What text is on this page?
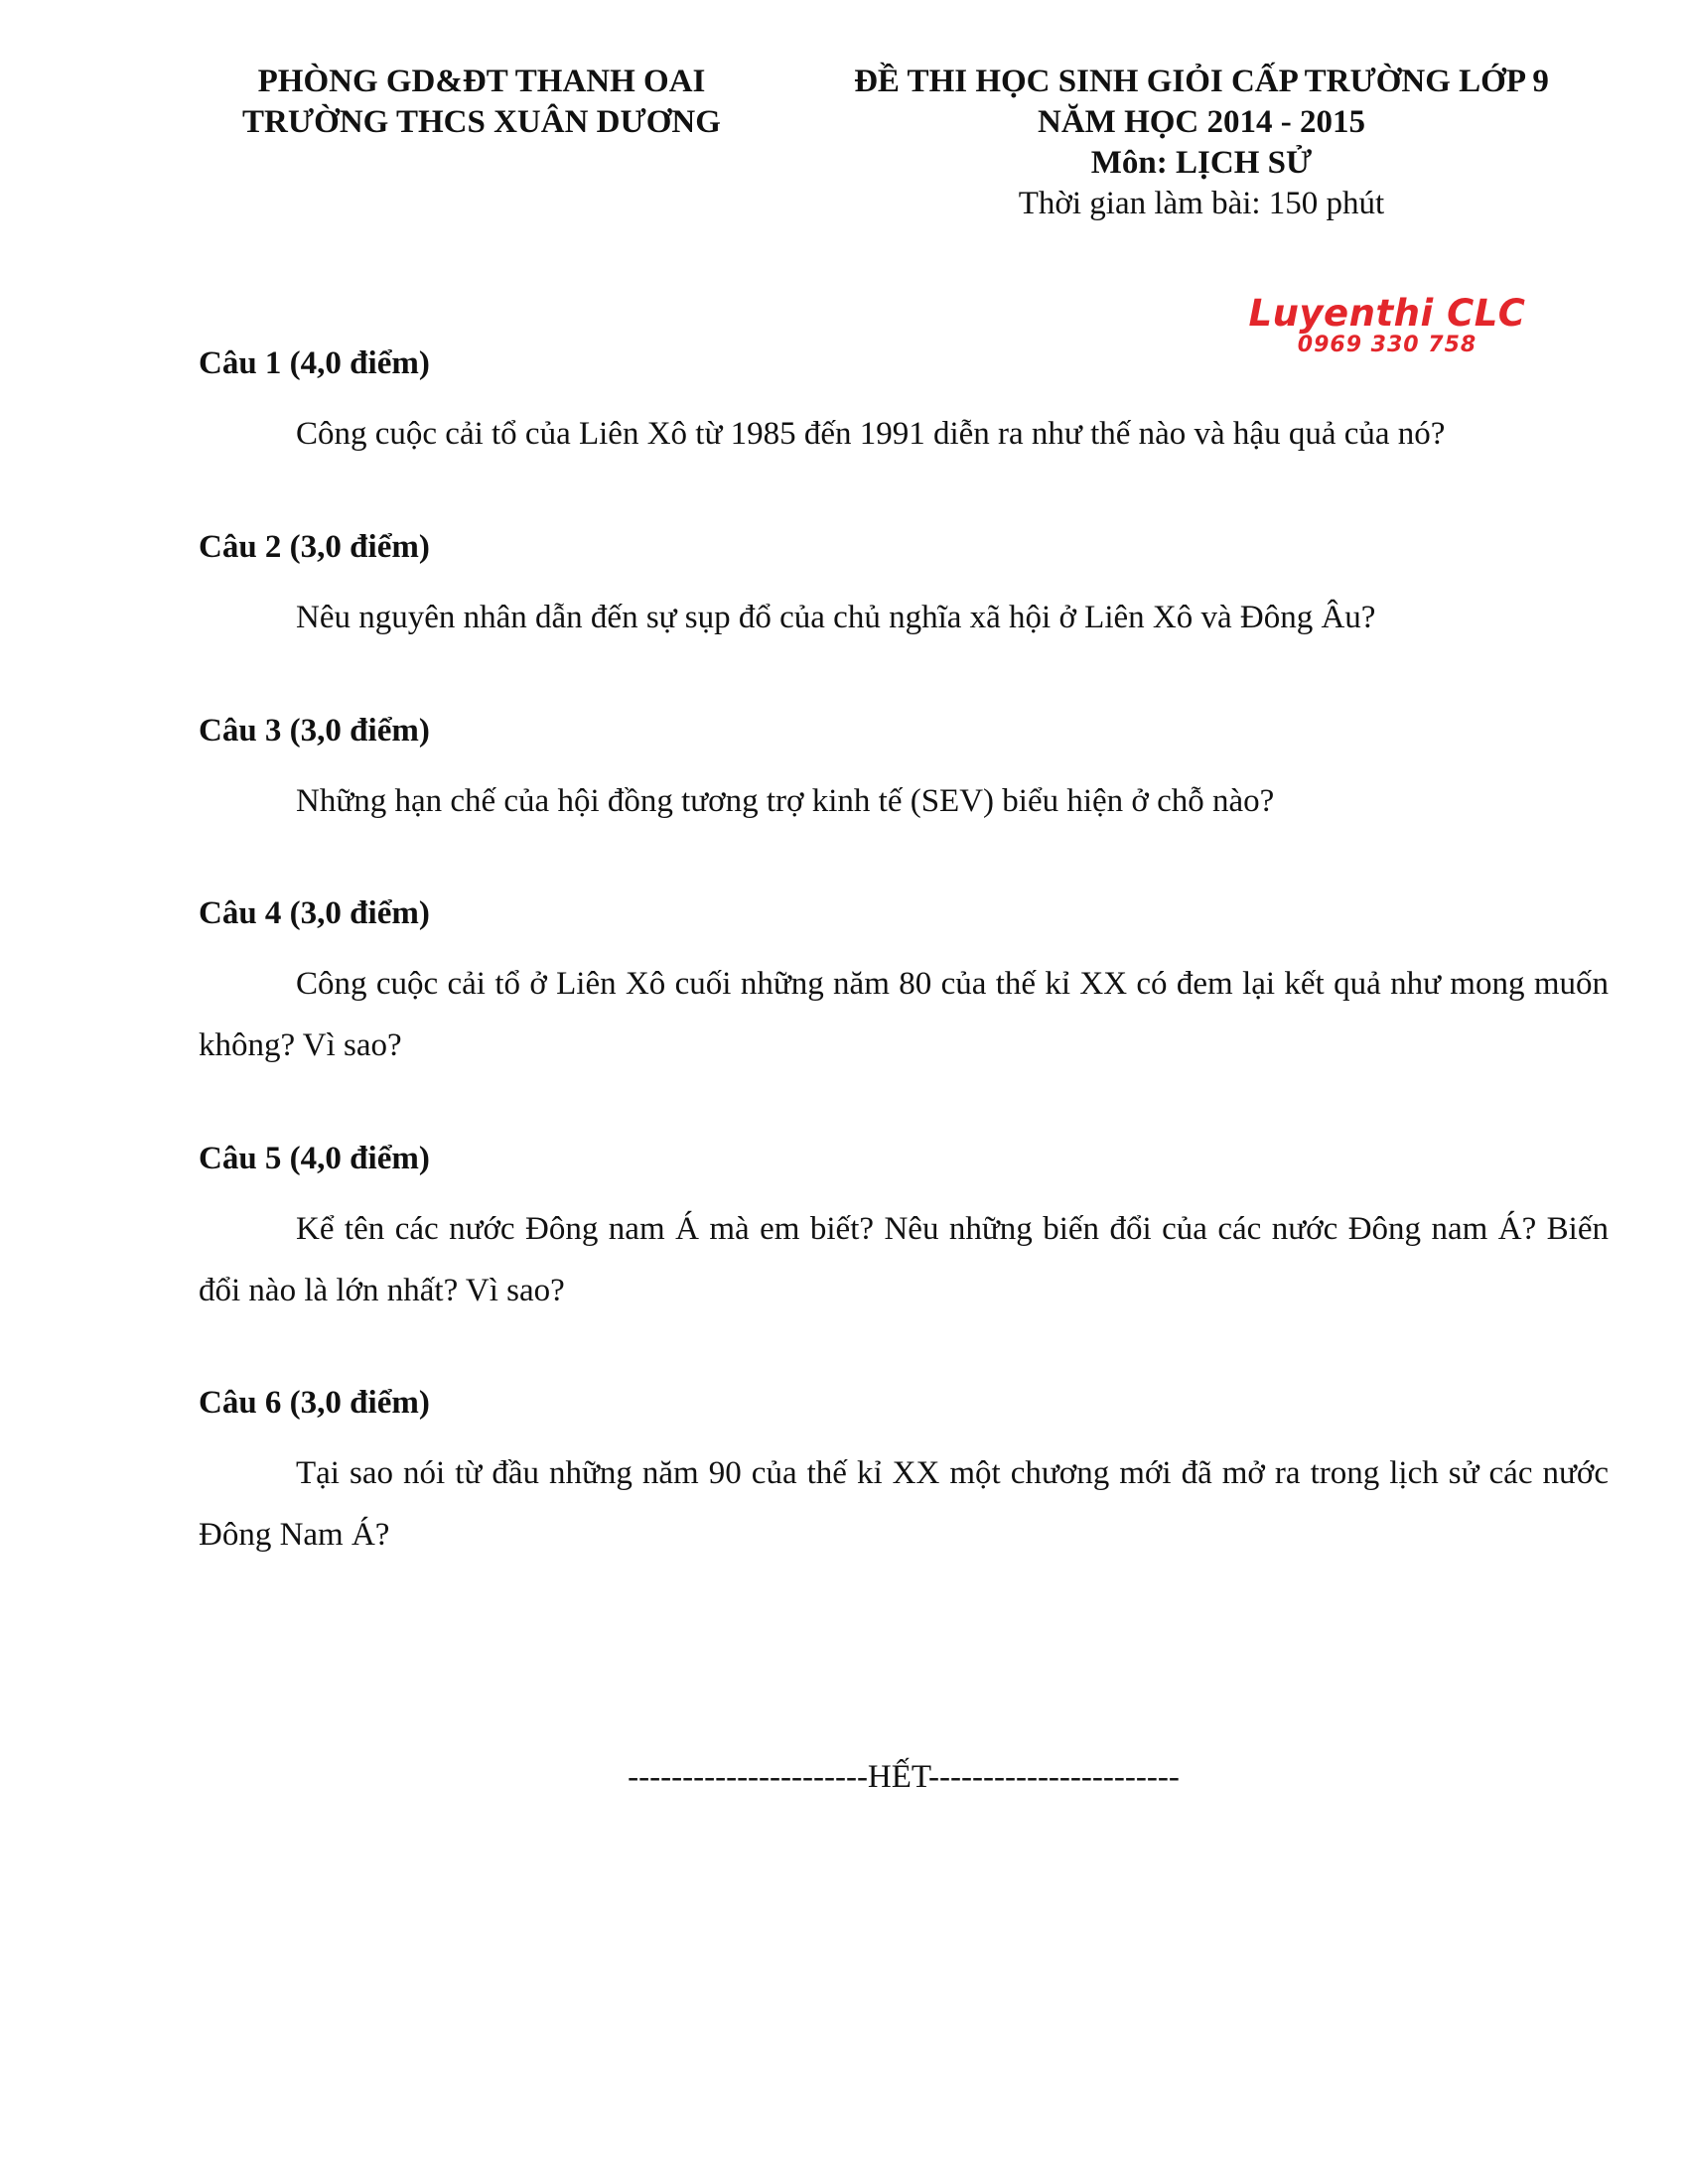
PHÒNG GD&ĐT THANH OAI
TRƯỜNG THCS XUÂN DƯƠNG
ĐỀ THI HỌC SINH GIỎI CẤP TRƯỜNG LỚP 9
NĂM HỌC 2014 - 2015
Môn: LỊCH SỬ
Thời gian làm bài: 150 phút
Luyenthi CLC
0969 330 758
Câu 1 (4,0 điểm)
Công cuộc cải tổ của Liên Xô từ 1985 đến 1991 diễn ra như thế nào và hậu quả của nó?
Câu 2 (3,0 điểm)
Nêu nguyên nhân dẫn đến sự sụp đổ của chủ nghĩa xã hội ở Liên Xô và Đông Âu?
Câu 3 (3,0 điểm)
Những hạn chế của hội đồng tương trợ kinh tế (SEV) biểu hiện ở chỗ nào?
Câu 4 (3,0 điểm)
Công cuộc cải tổ ở Liên Xô cuối những năm 80 của thế kỉ XX có đem lại kết quả như mong muốn không? Vì sao?
Câu 5 (4,0 điểm)
Kể tên các nước Đông nam Á mà em biết? Nêu những biến đổi của các nước Đông nam Á? Biến đổi nào là lớn nhất? Vì sao?
Câu 6 (3,0 điểm)
Tại sao nói từ đầu những năm 90 của thế kỉ XX một chương mới đã mở ra trong lịch sử các nước Đông Nam Á?
----------------------HẾT-----------------------
